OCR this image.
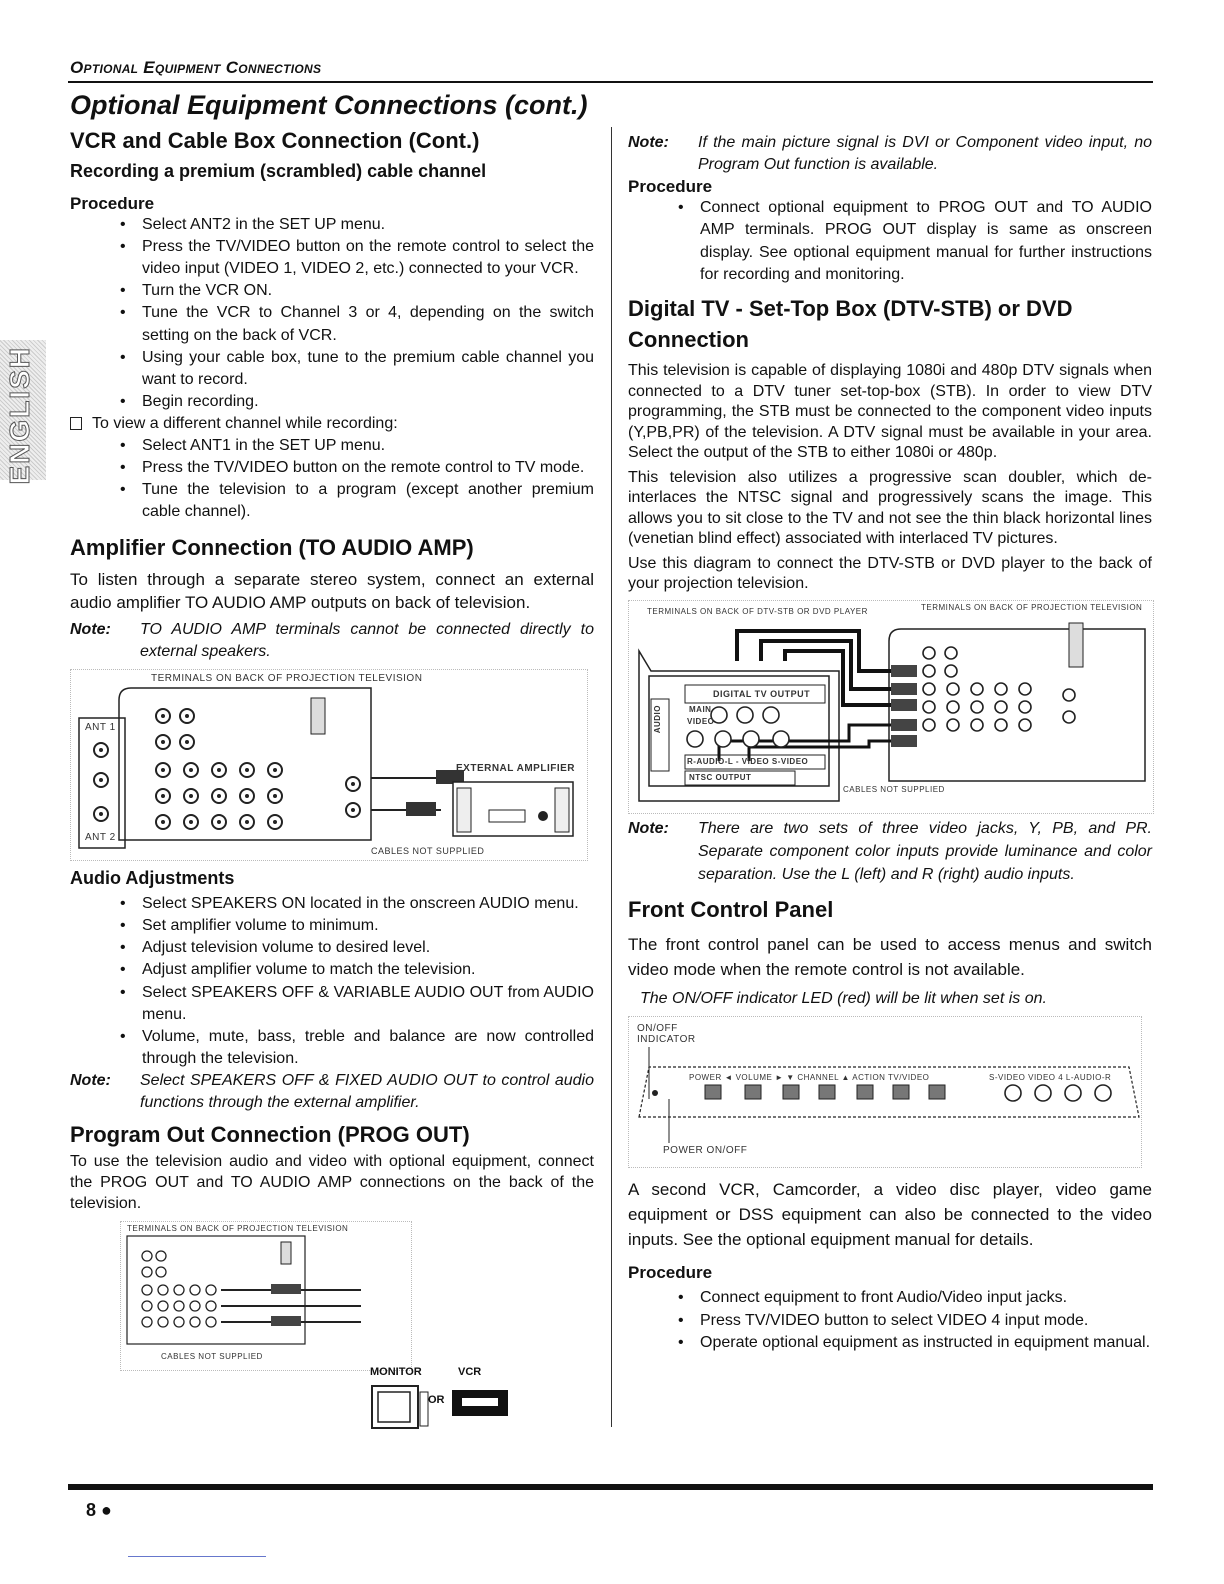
Optional Equipment Connections
Optional Equipment Connections (cont.)
ENGLISH
VCR and Cable Box Connection (Cont.)
Recording a premium (scrambled) cable channel
Procedure
• Select ANT2 in the SET UP menu.
• Press the TV/VIDEO button on the remote control to select the video input (VIDEO 1, VIDEO 2, etc.) connected to your VCR.
• Turn the VCR ON.
• Tune the VCR to Channel 3 or 4, depending on the switch setting on the back of VCR.
• Using your cable box, tune to the premium cable channel you want to record.
• Begin recording.
To view a different channel while recording:
• Select ANT1 in the SET UP menu.
• Press the TV/VIDEO button on the remote control to TV mode.
• Tune the television to a program (except another premium cable channel).
Amplifier Connection (TO AUDIO AMP)

To listen through a separate stereo system, connect an external audio amplifier TO AUDIO AMP outputs on back of television.

Note:	TO AUDIO AMP terminals cannot be connected directly to external speakers.
TERMINALS ON BACK OF PROJECTION TELEVISION
ANT 1
ANT 2
EXTERNAL AMPLIFIER
CABLES NOT SUPPLIED
Audio Adjustments
• Select SPEAKERS ON located in the onscreen AUDIO menu.
• Set amplifier volume to minimum.
• Adjust television volume to desired level.
• Adjust amplifier volume to match the television.
• Select SPEAKERS OFF & VARIABLE AUDIO OUT from AUDIO menu.
• Volume, mute, bass, treble and balance are now controlled through the television.
Note:	Select SPEAKERS OFF & FIXED AUDIO OUT to control audio functions through the external amplifier.
Program Out Connection (PROG OUT)

To use the television audio and video with optional equipment, connect the PROG OUT and TO AUDIO AMP connections on the back of the television.

TERMINALS ON BACK OF PROJECTION TELEVISION
CABLES NOT SUPPLIED
MONITOR	VCR
OR
Note:	If the main picture signal is DVI or Component video input, no Program Out function is available.
Procedure
• Connect optional equipment to PROG OUT and TO AUDIO AMP terminals. PROG OUT display is same as onscreen display. See optional equipment manual for further instructions for recording and monitoring.
Digital TV - Set-Top Box (DTV-STB) or DVD Connection

This television is capable of displaying 1080i and 480p DTV signals when connected to a DTV tuner set-top-box (STB). In order to view DTV programming, the STB must be connected to the component video inputs (Y,PB,PR) of the television. A DTV signal must be available in your area. Select the output of the STB to either 1080i or 480p.

This television also utilizes a progressive scan doubler, which de-interlaces the NTSC signal and progressively scans the image. This allows you to sit close to the TV and not see the thin black horizontal lines (venetian blind effect) associated with interlaced TV pictures.

Use this diagram to connect the DTV-STB or DVD player to the back of your projection television.

TERMINALS ON BACK OF DTV-STB OR DVD PLAYER	TERMINALS ON BACK OF PROJECTION TELEVISION
DIGITAL TV OUTPUT
MAIN
VIDEO
R-AUDIO-L - VIDEO S-VIDEO
NTSC OUTPUT
AUDIO
CABLES NOT SUPPLIED
Note:	There are two sets of three video jacks, Y, PB, and PR. Separate component color inputs provide luminance and color separation. Use the L (left) and R (right) audio inputs.
Front Control Panel

The front control panel can be used to access menus and switch video mode when the remote control is not available.

The ON/OFF indicator LED (red) will be lit when set is on.
ON/OFF INDICATOR
POWER ◄ VOLUME ► ▼ CHANNEL ▲ ACTION TV/VIDEO	S-VIDEO VIDEO 4 L-AUDIO-R
POWER ON/OFF

A second VCR, Camcorder, a video disc player, video game equipment or DSS equipment can also be connected to the video inputs. See the optional equipment manual for details.

Procedure
• Connect equipment to front Audio/Video input jacks.
• Press TV/VIDEO button to select VIDEO 4 input mode.
• Operate optional equipment as instructed in equipment manual.
8 ●
